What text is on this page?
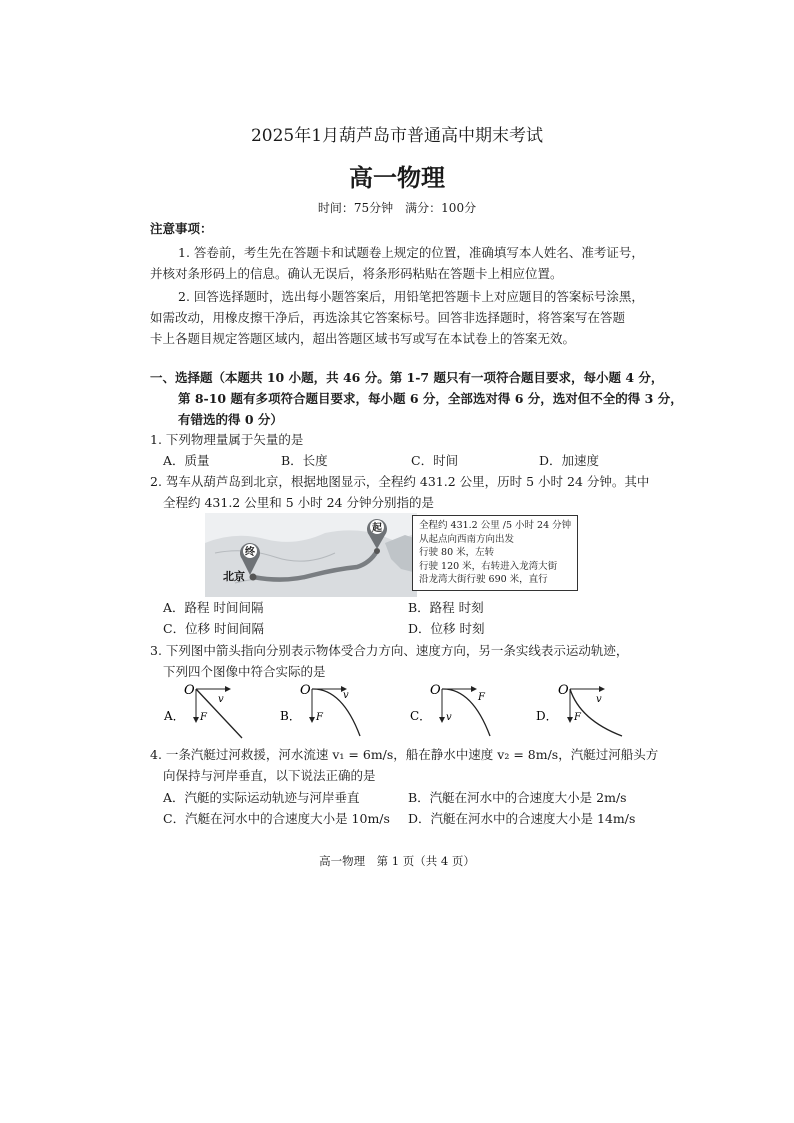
2025年1月葫芦岛市普通高中期末考试
高一物理
时间：75分钟　满分：100分
注意事项：
1. 答卷前，考生先在答题卡和试题卷上规定的位置，准确填写本人姓名、准考证号，
并核对条形码上的信息。确认无误后，将条形码粘贴在答题卡上相应位置。
2. 回答选择题时，选出每小题答案后，用铅笔把答题卡上对应题目的答案标号涂黑，
如需改动，用橡皮擦干净后，再选涂其它答案标号。回答非选择题时，将答案写在答题
卡上各题目规定答题区域内，超出答题区域书写或写在本试卷上的答案无效。
一、选择题（本题共 10 小题，共 46 分。第 1-7 题只有一项符合题目要求，每小题 4 分，
第 8-10 题有多项符合题目要求，每小题 6 分，全部选对得 6 分，选对但不全的得 3 分，
有错选的得 0 分）
1. 下列物理量属于矢量的是
A．质量	B．长度	C．时间	D．加速度
2. 驾车从葫芦岛到北京，根据地图显示，全程约 431.2 公里，历时 5 小时 24 分钟。其中
全程约 431.2 公里和 5 小时 24 分钟分别指的是
起
终
北京
全程约 431.2 公里 /5 小时 24 分钟
从起点向西南方向出发
行驶 80 米，左转
行驶 120 米，右转进入龙湾大街
沿龙湾大街行驶 690 米，直行
A．路程 时间间隔	B．路程 时刻
C．位移 时间间隔	D．位移 时刻
3. 下列图中箭头指向分别表示物体受合力方向、速度方向，另一条实线表示运动轨迹，
下列四个图像中符合实际的是
A．
O
v
F	B．
O	v
F	C．
O
v
F
D．
O
v
F
4. 一条汽艇过河救援，河水流速 v₁ = 6m/s，船在静水中速度 v₂ = 8m/s，汽艇过河船头方
向保持与河岸垂直，以下说法正确的是
A．汽艇的实际运动轨迹与河岸垂直	B．汽艇在河水中的合速度大小是 2m/s
C．汽艇在河水中的合速度大小是 10m/s D．汽艇在河水中的合速度大小是 14m/s
高一物理　第 1 页（共 4 页）
